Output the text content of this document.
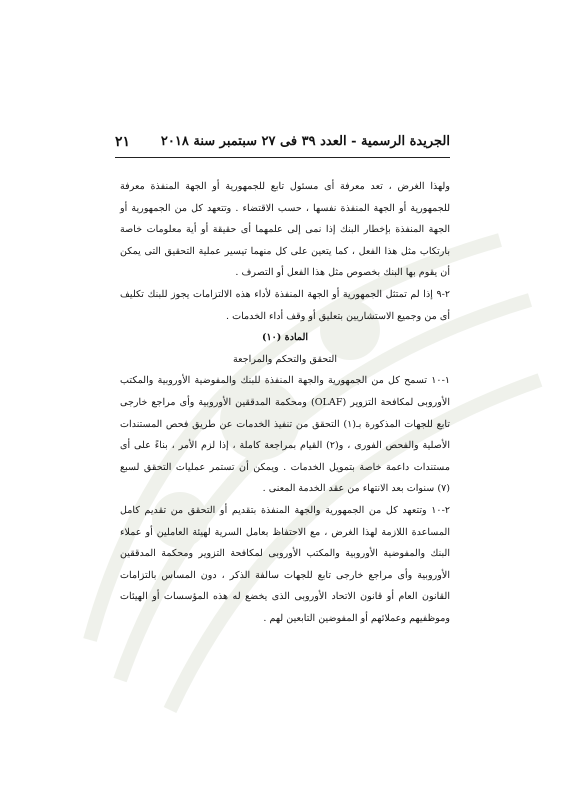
الجريدة الرسمية - العدد ٣٩ فى ٢٧ سبتمبر سنة ٢٠١٨
٢١

ولهذا الغرض ، تعد معرفة أى مسئول تابع للجمهورية أو الجهة المنفذة معرفة للجمهورية أو الجهة المنفذة نفسها ، حسب الاقتضاء . وتتعهد كل من الجمهورية أو الجهة المنفذة بإخطار البنك إذا نمى إلى علمهما أى حقيقة أو أية معلومات خاصة بارتكاب مثل هذا الفعل ، كما يتعين على كل منهما تيسير عملية التحقيق التى يمكن أن يقوم بها البنك بخصوص مثل هذا الفعل أو التصرف .

٢-٩ إذا لم تمتثل الجمهورية أو الجهة المنفذة لأداء هذه الالتزامات يجوز للبنك تكليف أى من وجميع الاستشاريين بتعليق أو وقف أداء الخدمات .

المادة (١٠)

التحقق والتحكم والمراجعة

١-١٠ تسمح كل من الجمهورية والجهة المنفذة للبنك والمفوضية الأوروبية والمكتب الأوروبى لمكافحة التزوير (OLAF) ومحكمة المدققين الأوروبية وأى مراجع خارجى تابع للجهات المذكورة بـ(١) التحقق من تنفيذ الخدمات عن طريق فحص المستندات الأصلية والفحص الفورى ، و(٢) القيام بمراجعة كاملة ، إذا لزم الأمر ، بناءً على أى مستندات داعمة خاصة بتمويل الخدمات . ويمكن أن تستمر عمليات التحقق لسبع (٧) سنوات بعد الانتهاء من عقد الخدمة المعنى .

٢-١٠ وتتعهد كل من الجمهورية والجهة المنفذة بتقديم أو التحقق من تقديم كامل المساعدة اللازمة لهذا الغرض ، مع الاحتفاظ بعامل السرية لهيئة العاملين أو عملاء البنك والمفوضية الأوروبية والمكتب الأوروبى لمكافحة التزوير ومحكمة المدققين الأوروبية وأى مراجع خارجى تابع للجهات سالفة الذكر ، دون المساس بالتزامات القانون العام أو قانون الاتحاد الأوروبى الذى يخضع له هذه المؤسسات أو الهيئات وموظفيهم وعملائهم أو المفوضين التابعين لهم .
